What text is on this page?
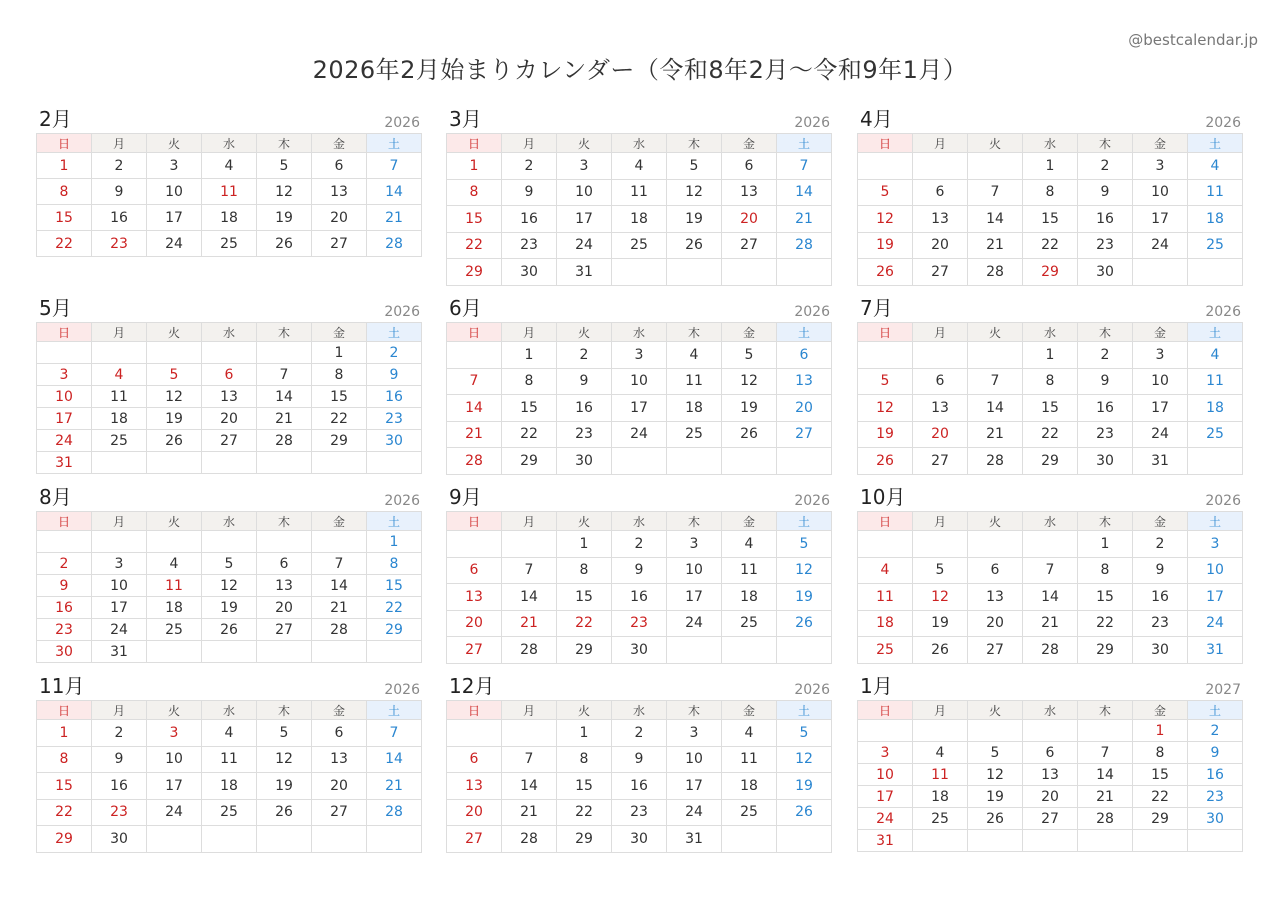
@bestcalendar.jp
2026年2月始まりカレンダー（令和8年2月〜令和9年1月）
2月	2026
日	月	火	水	木	金	土
1	2	3	4	5	6	7
8	9	10	11	12	13	14
15	16	17	18	19	20	21
22	23	24	25	26	27	28
3月	2026
日	月	火	水	木	金	土
1	2	3	4	5	6	7
8	9	10	11	12	13	14
15	16	17	18	19	20	21
22	23	24	25	26	27	28
29	30	31				
4月	2026
日	月	火	水	木	金	土
			1	2	3	4
5	6	7	8	9	10	11
12	13	14	15	16	17	18
19	20	21	22	23	24	25
26	27	28	29	30		
5月	2026
日	月	火	水	木	金	土
					1	2
3	4	5	6	7	8	9
10	11	12	13	14	15	16
17	18	19	20	21	22	23
24	25	26	27	28	29	30
31						
6月	2026
日	月	火	水	木	金	土
	1	2	3	4	5	6
7	8	9	10	11	12	13
14	15	16	17	18	19	20
21	22	23	24	25	26	27
28	29	30				
7月	2026
日	月	火	水	木	金	土
			1	2	3	4
5	6	7	8	9	10	11
12	13	14	15	16	17	18
19	20	21	22	23	24	25
26	27	28	29	30	31	
8月	2026
日	月	火	水	木	金	土
						1
2	3	4	5	6	7	8
9	10	11	12	13	14	15
16	17	18	19	20	21	22
23	24	25	26	27	28	29
30	31					
9月	2026
日	月	火	水	木	金	土
		1	2	3	4	5
6	7	8	9	10	11	12
13	14	15	16	17	18	19
20	21	22	23	24	25	26
27	28	29	30			
10月	2026
日	月	火	水	木	金	土
				1	2	3
4	5	6	7	8	9	10
11	12	13	14	15	16	17
18	19	20	21	22	23	24
25	26	27	28	29	30	31
11月	2026
日	月	火	水	木	金	土
1	2	3	4	5	6	7
8	9	10	11	12	13	14
15	16	17	18	19	20	21
22	23	24	25	26	27	28
29	30					
12月	2026
日	月	火	水	木	金	土
		1	2	3	4	5
6	7	8	9	10	11	12
13	14	15	16	17	18	19
20	21	22	23	24	25	26
27	28	29	30	31		
1月	2027
日	月	火	水	木	金	土
					1	2
3	4	5	6	7	8	9
10	11	12	13	14	15	16
17	18	19	20	21	22	23
24	25	26	27	28	29	30
31						
